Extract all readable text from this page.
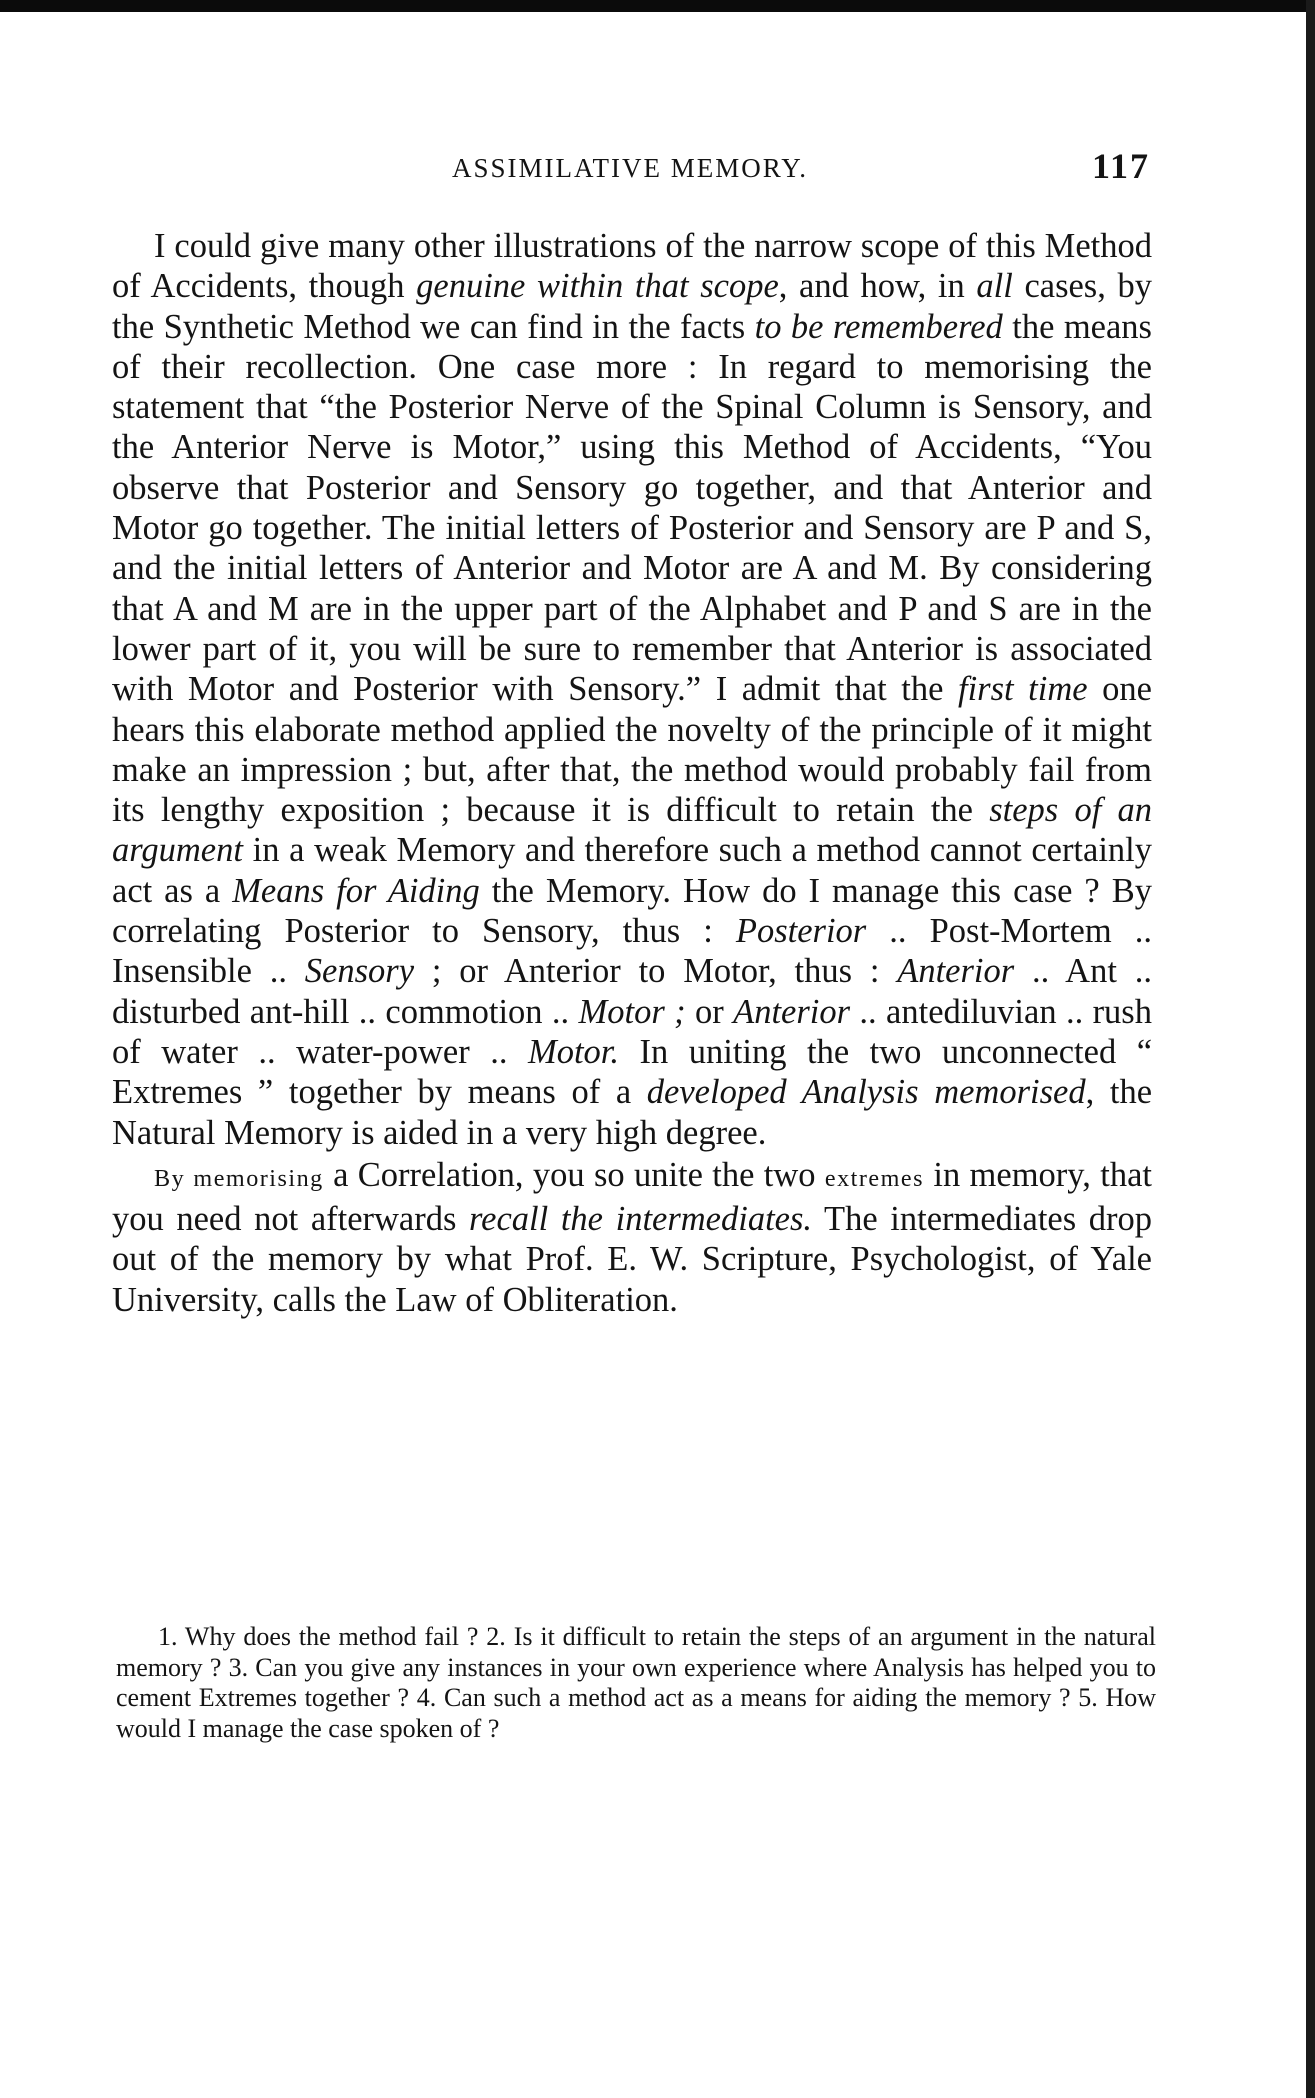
ASSIMILATIVE MEMORY.	117

I could give many other illustrations of the narrow scope of this Method of Accidents, though genuine within that scope, and how, in all cases, by the Synthetic Method we can find in the facts to be remembered the means of their recollection. One case more : In regard to memorising the statement that “the Posterior Nerve of the Spinal Column is Sensory, and the Anterior Nerve is Motor,” using this Method of Accidents, “You observe that Posterior and Sensory go together, and that Anterior and Motor go together. The initial letters of Posterior and Sensory are P and S, and the initial letters of Anterior and Motor are A and M. By considering that A and M are in the upper part of the Alphabet and P and S are in the lower part of it, you will be sure to remember that Anterior is associated with Motor and Posterior with Sensory.” I admit that the first time one hears this elaborate method applied the novelty of the principle of it might make an impression ; but, after that, the method would probably fail from its lengthy exposition ; because it is difficult to retain the steps of an argument in a weak Memory and therefore such a method cannot certainly act as a Means for Aiding the Memory. How do I manage this case ? By correlating Posterior to Sensory, thus : Posterior .. Post-Mortem .. Insensible .. Sensory ; or Anterior to Motor, thus : Anterior .. Ant .. disturbed ant-hill .. commotion .. Motor ; or Anterior .. antediluvian .. rush of water .. water-power .. Motor. In uniting the two unconnected “ Extremes ” together by means of a developed Analysis memorised, the Natural Memory is aided in a very high degree.

By memorising a Correlation, you so unite the two extremes in memory, that you need not afterwards recall the intermediates. The intermediates drop out of the memory by what Prof. E. W. Scripture, Psychologist, of Yale University, calls the Law of Obliteration.

1. Why does the method fail ? 2. Is it difficult to retain the steps of an argument in the natural memory ? 3. Can you give any instances in your own experience where Analysis has helped you to cement Extremes together ? 4. Can such a method act as a means for aiding the memory ? 5. How would I manage the case spoken of ?
